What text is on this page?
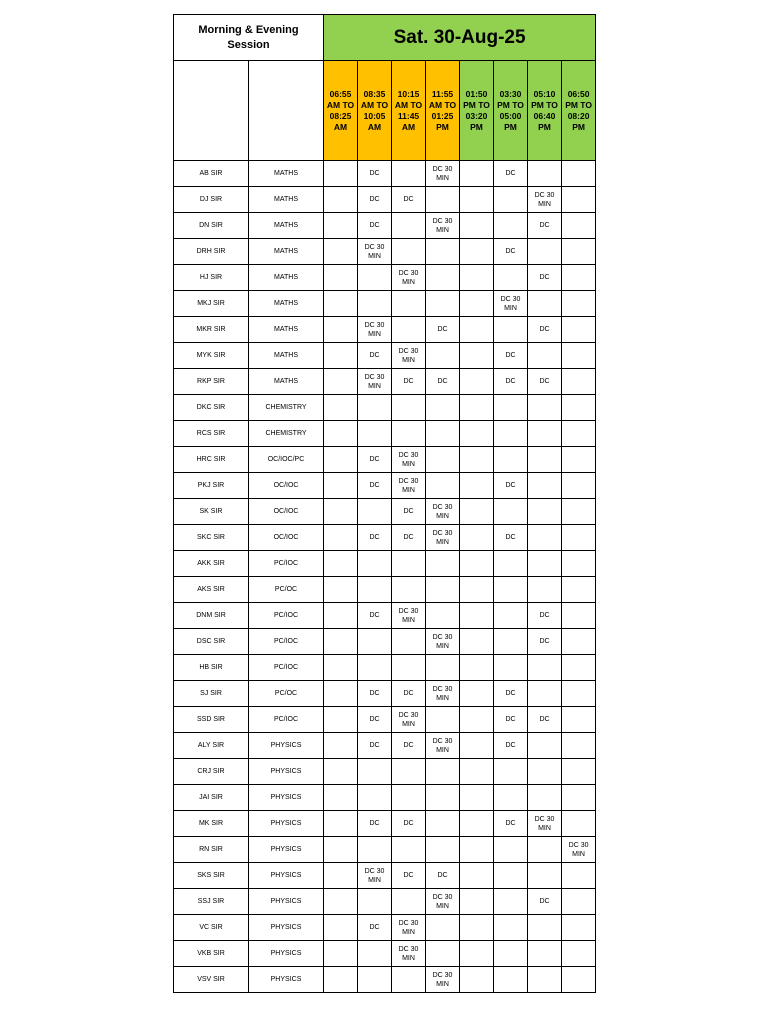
Morning & Evening
Session		Sat. 30-Aug-25							
		06:55
AM TO
08:25
AM	08:35
AM TO
10:05
AM	10:15
AM TO
11:45
AM	11:55
AM TO
01:25
PM	01:50
PM TO
03:20
PM	03:30
PM TO
05:00
PM	05:10
PM TO
06:40
PM	06:50
PM TO
08:20
PM
AB SIR	MATHS		DC		DC 30 MIN		DC		
DJ SIR	MATHS		DC	DC				DC 30 MIN	
DN SIR	MATHS		DC		DC 30 MIN			DC	
DRH SIR	MATHS		DC 30 MIN				DC		
HJ SIR	MATHS			DC 30 MIN				DC	
MKJ SIR	MATHS						DC 30 MIN		
MKR SIR	MATHS		DC 30 MIN		DC			DC	
MYK SIR	MATHS		DC	DC 30 MIN			DC		
RKP SIR	MATHS		DC 30 MIN	DC	DC		DC	DC	
DKC SIR	CHEMISTRY								
RCS SIR	CHEMISTRY								
HRC SIR	OC/IOC/PC		DC	DC 30 MIN					
PKJ SIR	OC/IOC		DC	DC 30 MIN			DC		
SK SIR	OC/IOC			DC	DC 30 MIN				
SKC SIR	OC/IOC		DC	DC	DC 30 MIN		DC		
AKK SIR	PC/IOC								
AKS SIR	PC/OC								
DNM SIR	PC/IOC		DC	DC 30 MIN				DC	
DSC SIR	PC/IOC				DC 30 MIN			DC	
HB SIR	PC/IOC								
SJ SIR	PC/OC		DC	DC	DC 30 MIN		DC		
SSD SIR	PC/IOC		DC	DC 30 MIN			DC	DC	
ALY SIR	PHYSICS		DC	DC	DC 30 MIN		DC		
CRJ SIR	PHYSICS								
JAI SIR	PHYSICS								
MK SIR	PHYSICS		DC	DC			DC	DC 30 MIN	
RN SIR	PHYSICS								DC 30 MIN
SKS SIR	PHYSICS		DC 30 MIN	DC	DC				
SSJ SIR	PHYSICS				DC 30 MIN			DC	
VC SIR	PHYSICS		DC	DC 30 MIN					
VKB SIR	PHYSICS			DC 30 MIN					
VSV SIR	PHYSICS				DC 30 MIN				
